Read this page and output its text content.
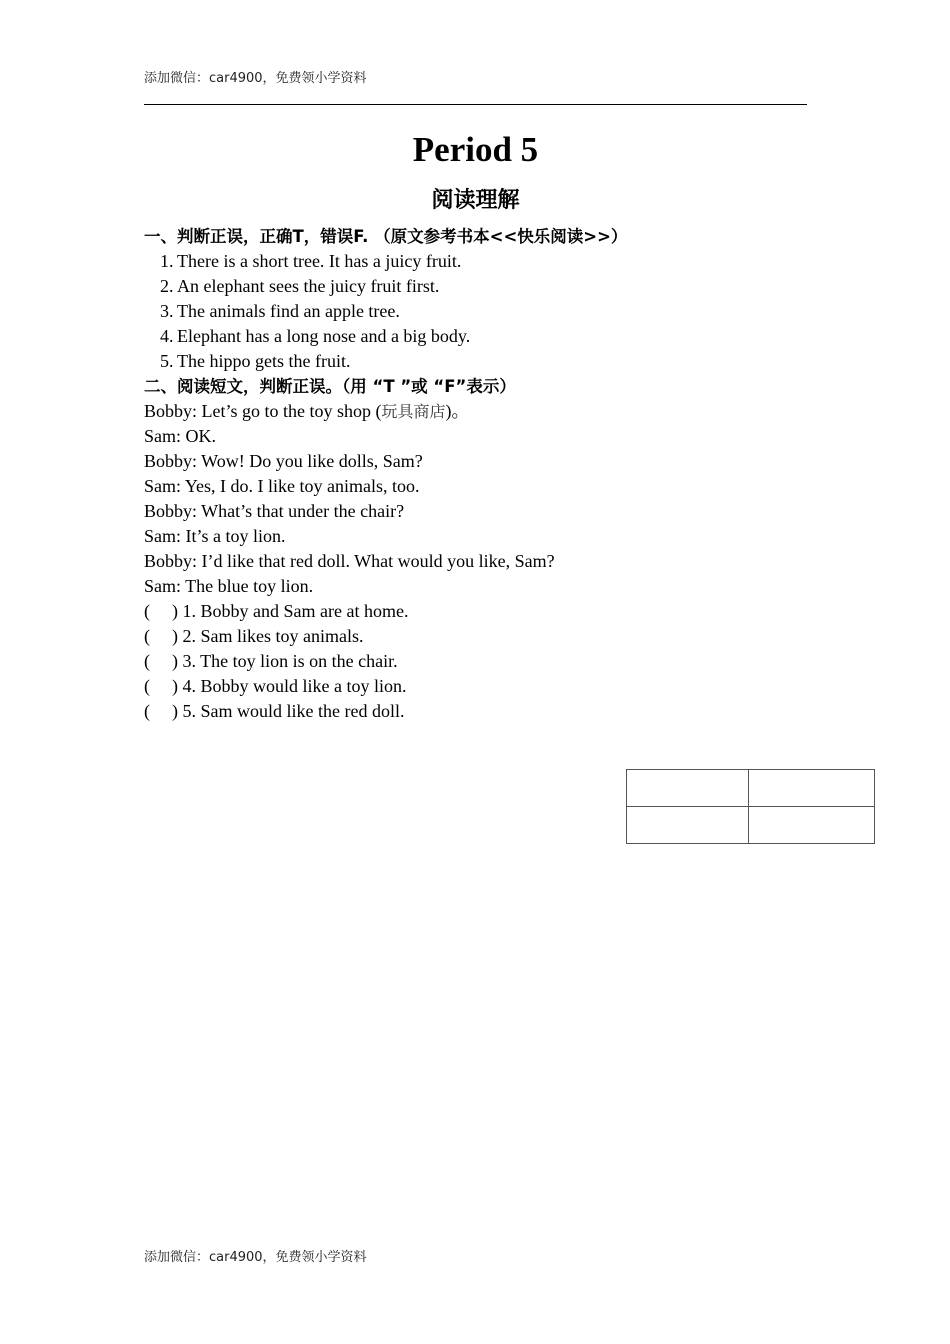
添加微信：car4900，免费领小学资料
Period 5
阅读理解
一、判断正误，正确T，错误F. （原文参考书本<<快乐阅读>>）
1. There is a short tree. It has a juicy fruit.
2. An elephant sees the juicy fruit first.
3. The animals find an apple tree.
4. Elephant has a long nose and a big body.
5. The hippo gets the fruit.
二、阅读短文，判断正误。（用 “T ”或 “F”表示）
Bobby: Let’s go to the toy shop (玩具商店)。
Sam: OK.
Bobby: Wow! Do you like dolls, Sam?
Sam: Yes, I do. I like toy animals, too.
Bobby: What’s that under the chair?
Sam: It’s a toy lion.
Bobby: I’d like that red doll. What would you like, Sam?
Sam: The blue toy lion.
( ) 1. Bobby and Sam are at home.
( ) 2. Sam likes toy animals.
( ) 3. The toy lion is on the chair.
( ) 4. Bobby would like a toy lion.
( ) 5. Sam would like the red doll.

添加微信：car4900，免费领小学资料
